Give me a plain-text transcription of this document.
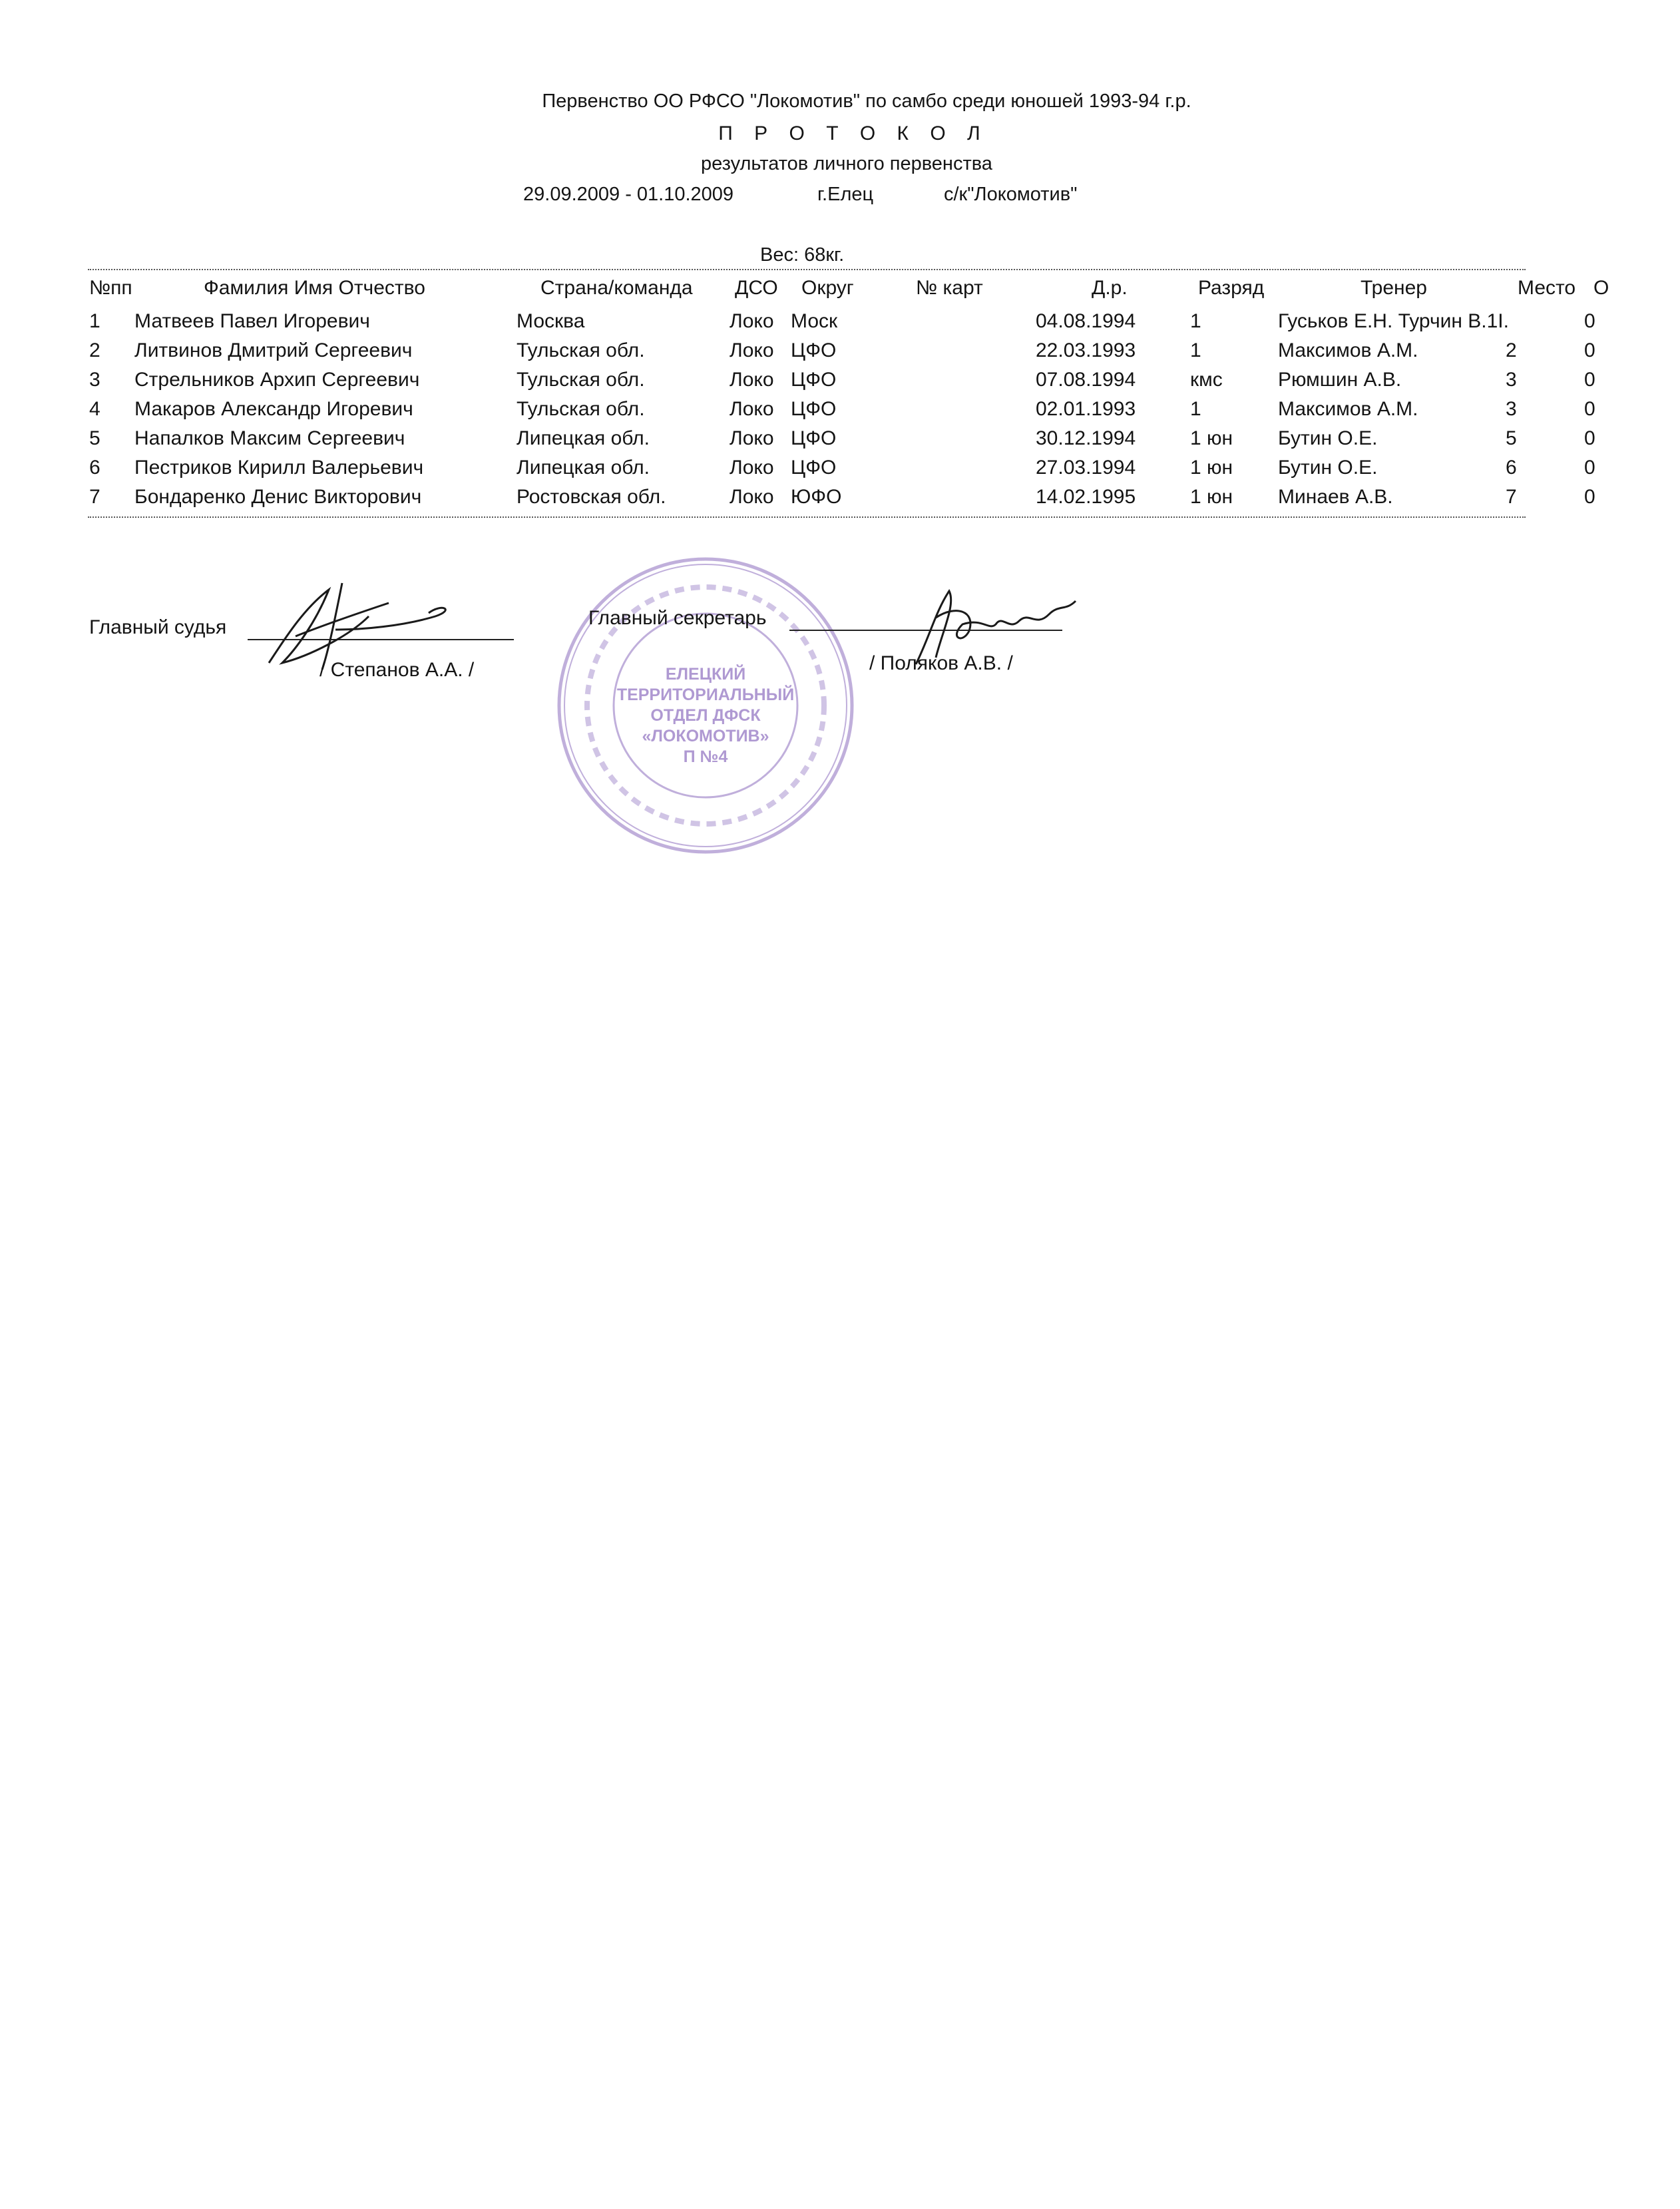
Первенство ОО РФСО "Локомотив" по самбо среди юношей 1993-94 г.р.
П Р О Т О К О Л
результатов личного первенства
29.09.2009 - 01.10.2009	г.Елец	с/к"Локомотив"
Вес: 68кг.
№пп	Фамилия Имя Отчество	Страна/команда ДСО Округ	№ карт	Д.р.	Разряд	Тренер	Место О
1 Матвеев Павел Игоревич	Москва	Локо Моск	04.08.1994	1	Гуськов Е.Н. Турчин В.1I.	0
2 Литвинов Дмитрий Сергеевич	Тульская обл.	Локо ЦФО	22.03.1993	1	Максимов А.М.	2	0
3 Стрельников Архип Сергеевич	Тульская обл.	Локо ЦФО	07.08.1994	кмс	Рюмшин А.В.	3	0
4 Макаров Александр Игоревич	Тульская обл.	Локо ЦФО	02.01.1993	1	Максимов А.М.	3	0
5 Напалков Максим Сергеевич	Липецкая обл.	Локо ЦФО	30.12.1994	1 юн Бутин О.Е.	5	0
6 Пестриков Кирилл Валерьевич	Липецкая обл.	Локо ЦФО	27.03.1994	1 юн Бутин О.Е.	6	0
7 Бондаренко Денис Викторович	Ростовская обл.	Локо ЮФО	14.02.1995	1 юн Минаев А.В.	7	0
ЕЛЕЦКИЙ
ТЕРРИТОРИАЛЬНЫЙ
ОТДЕЛ ДФСК
«ЛОКОМОТИВ»
П №4
Главный судья
/ Степанов А.А. /
Главный секретарь
/ Поляков А.В. /
